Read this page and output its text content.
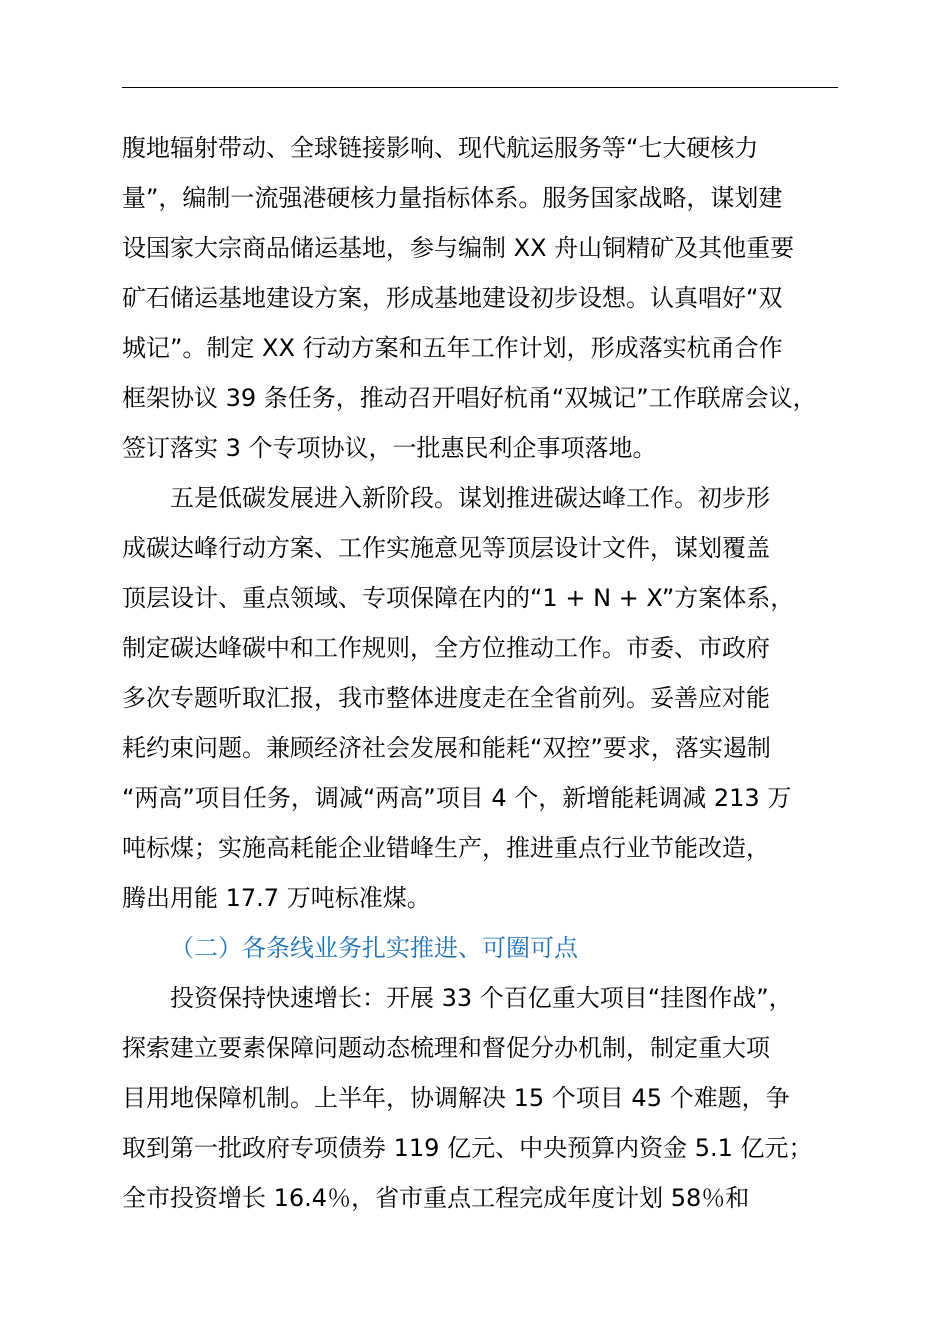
腹地辐射带动、全球链接影响、现代航运服务等“七大硬核力
量”，编制一流强港硬核力量指标体系。服务国家战略，谋划建
设国家大宗商品储运基地，参与编制 XX 舟山铜精矿及其他重要
矿石储运基地建设方案，形成基地建设初步设想。认真唱好“双
城记”。制定 XX 行动方案和五年工作计划，形成落实杭甬合作
框架协议 39 条任务，推动召开唱好杭甬“双城记”工作联席会议，
签订落实 3 个专项协议，一批惠民利企事项落地。
五是低碳发展进入新阶段。谋划推进碳达峰工作。初步形
成碳达峰行动方案、工作实施意见等顶层设计文件，谋划覆盖
顶层设计、重点领域、专项保障在内的“1 + N + X”方案体系，
制定碳达峰碳中和工作规则，全方位推动工作。市委、市政府
多次专题听取汇报，我市整体进度走在全省前列。妥善应对能
耗约束问题。兼顾经济社会发展和能耗“双控”要求，落实遏制
“两高”项目任务，调减“两高”项目 4 个，新增能耗调减 213 万
吨标煤；实施高耗能企业错峰生产，推进重点行业节能改造，
腾出用能 17.7 万吨标准煤。
（二）各条线业务扎实推进、可圈可点
投资保持快速增长：开展 33 个百亿重大项目“挂图作战”，
探索建立要素保障问题动态梳理和督促分办机制，制定重大项
目用地保障机制。上半年，协调解决 15 个项目 45 个难题，争
取到第一批政府专项债券 119 亿元、中央预算内资金 5.1 亿元；
全市投资增长 16.4％，省市重点工程完成年度计划 58％和
